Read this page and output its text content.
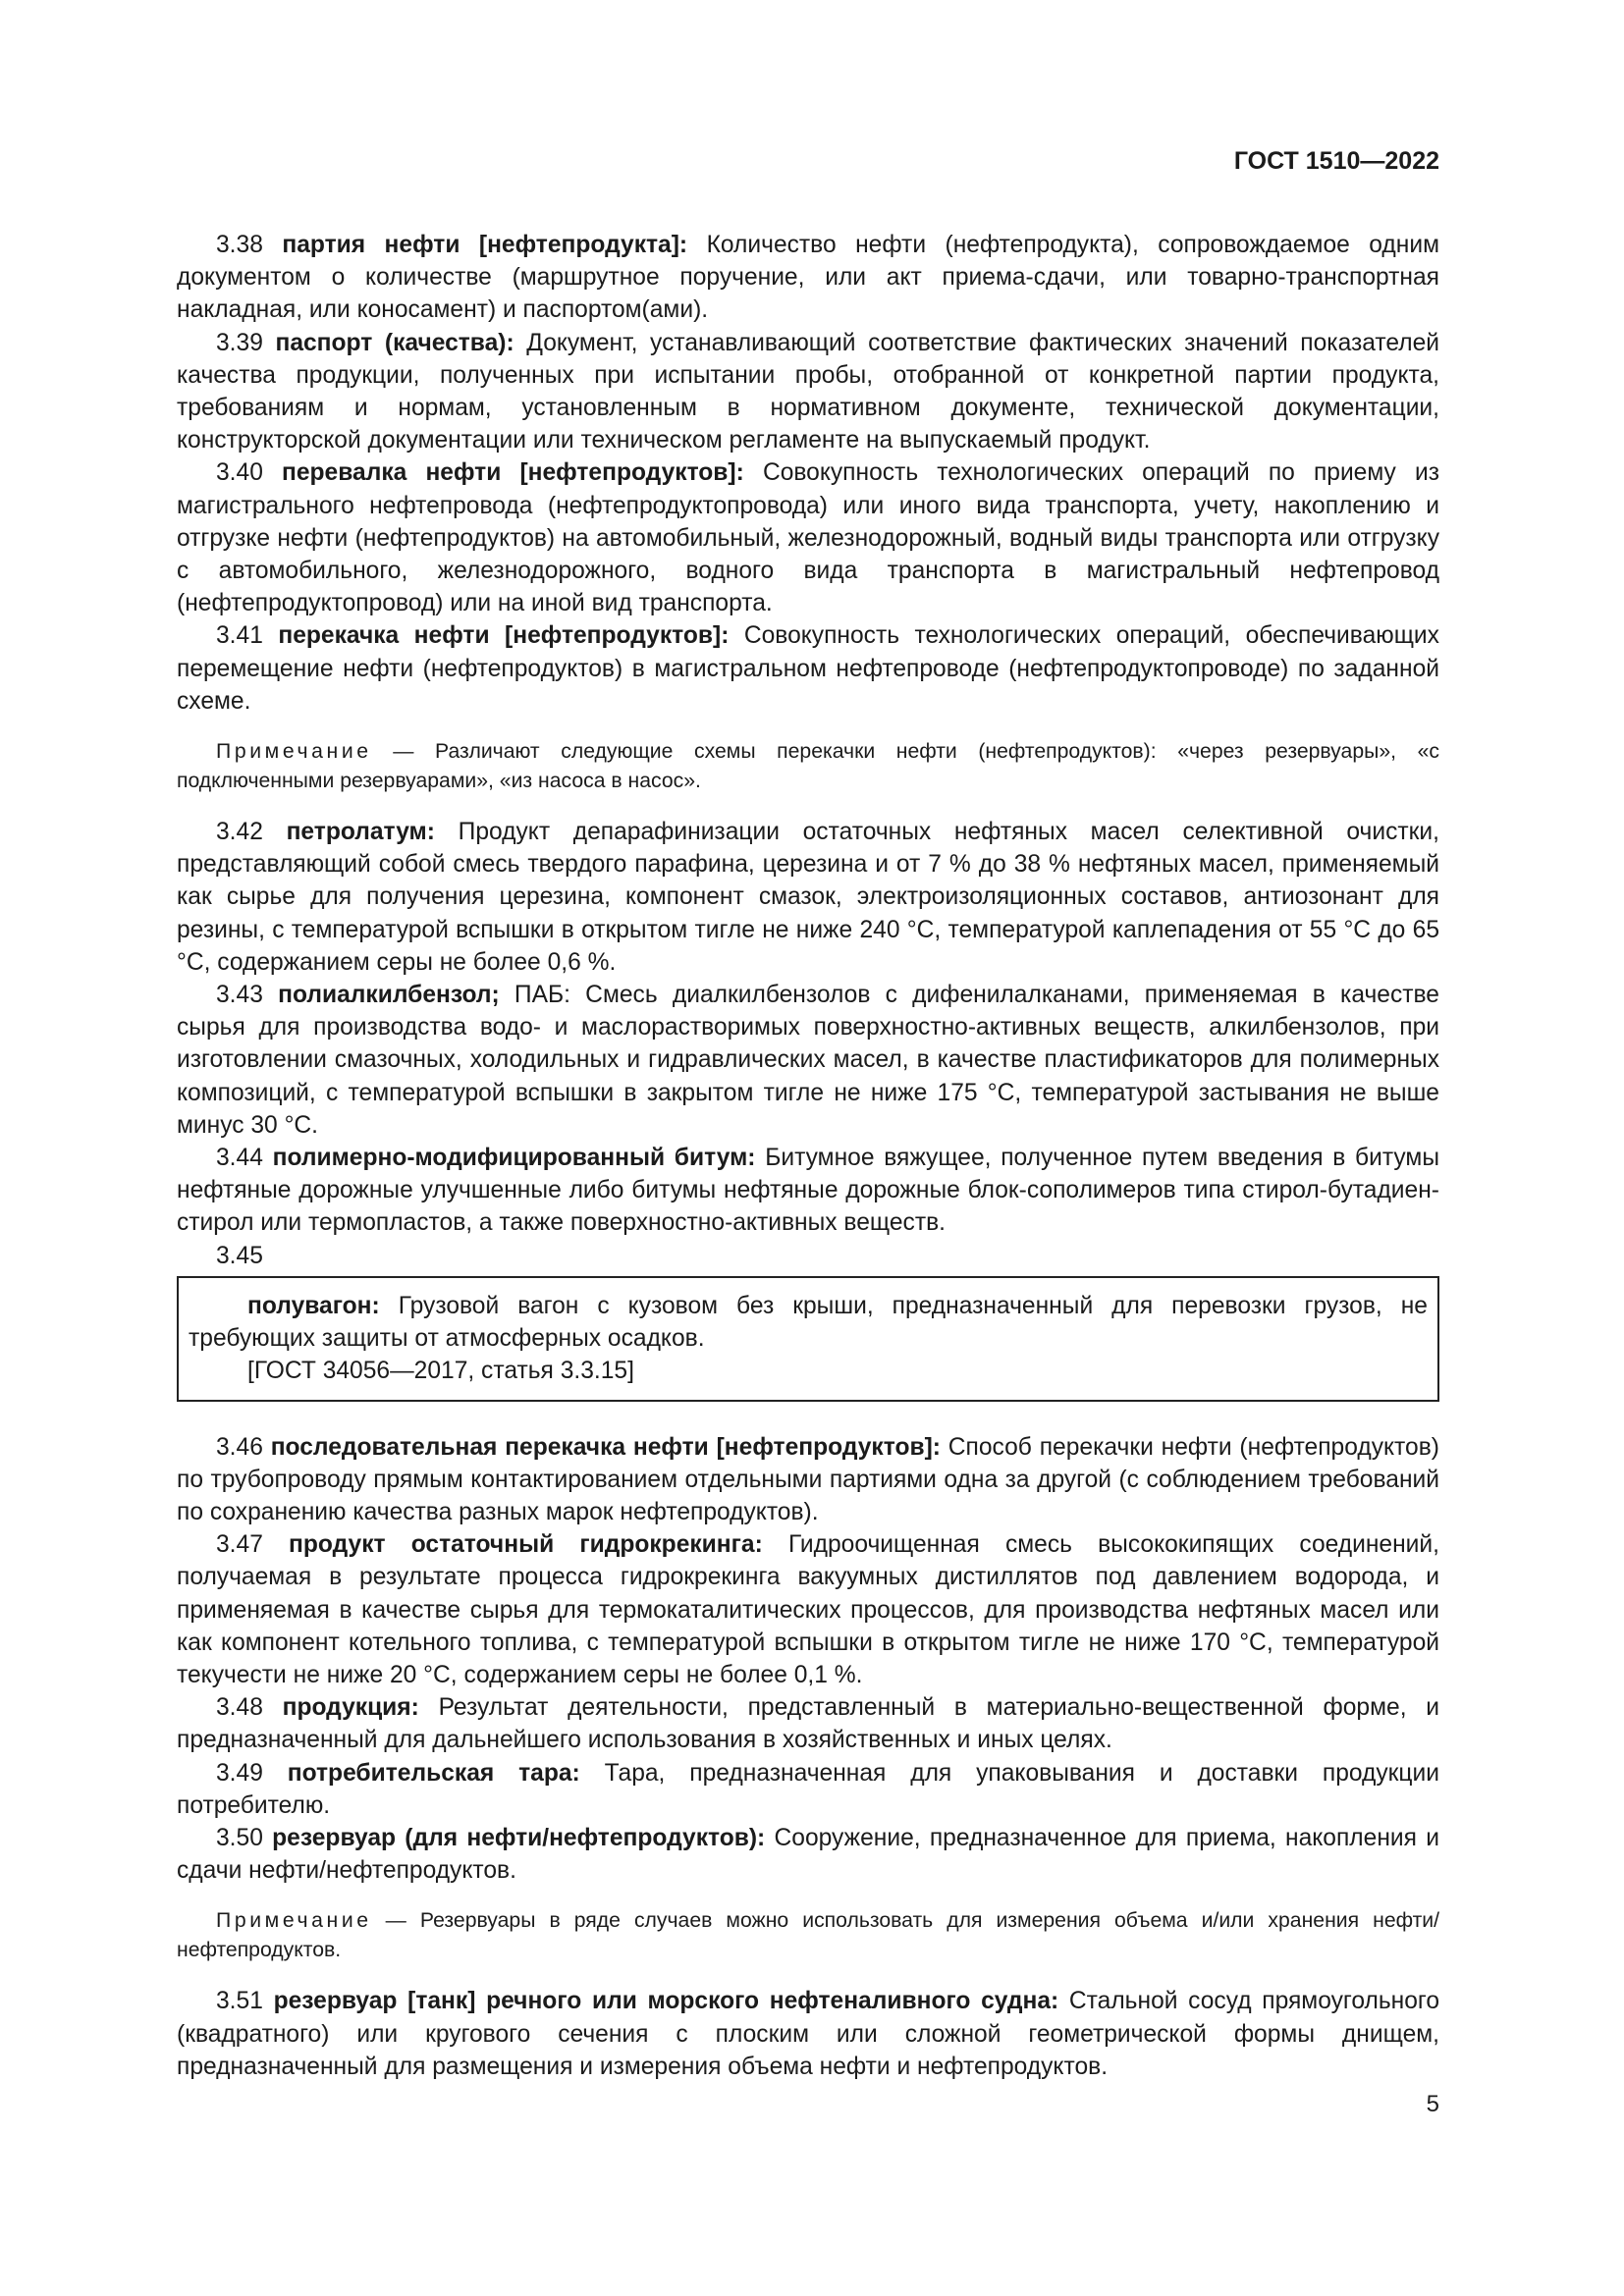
ГОСТ 1510—2022

3.38 партия нефти [нефтепродукта]: Количество нефти (нефтепродукта), сопровождаемое одним документом о количестве (маршрутное поручение, или акт приема-сдачи, или товарно-транспортная накладная, или коносамент) и паспортом(ами).

3.39 паспорт (качества): Документ, устанавливающий соответствие фактических значений показателей качества продукции, полученных при испытании пробы, отобранной от конкретной партии продукта, требованиям и нормам, установленным в нормативном документе, технической документации, конструкторской документации или техническом регламенте на выпускаемый продукт.

3.40 перевалка нефти [нефтепродуктов]: Совокупность технологических операций по приему из магистрального нефтепровода (нефтепродуктопровода) или иного вида транспорта, учету, накоплению и отгрузке нефти (нефтепродуктов) на автомобильный, железнодорожный, водный виды транспорта или отгрузку с автомобильного, железнодорожного, водного вида транспорта в магистральный нефтепровод (нефтепродуктопровод) или на иной вид транспорта.

3.41 перекачка нефти [нефтепродуктов]: Совокупность технологических операций, обеспечивающих перемещение нефти (нефтепродуктов) в магистральном нефтепроводе (нефтепродуктопроводе) по заданной схеме.

Примечание — Различают следующие схемы перекачки нефти (нефтепродуктов): «через резервуары», «с подключенными резервуарами», «из насоса в насос».

3.42 петролатум: Продукт депарафинизации остаточных нефтяных масел селективной очистки, представляющий собой смесь твердого парафина, церезина и от 7 % до 38 % нефтяных масел, применяемый как сырье для получения церезина, компонент смазок, электроизоляционных составов, антиозонант для резины, с температурой вспышки в открытом тигле не ниже 240 °С, температурой каплепадения от 55 °С до 65 °С, содержанием серы не более 0,6 %.

3.43 полиалкилбензол; ПАБ: Смесь диалкилбензолов с дифенилалканами, применяемая в качестве сырья для производства водо- и маслорастворимых поверхностно-активных веществ, алкилбензолов, при изготовлении смазочных, холодильных и гидравлических масел, в качестве пластификаторов для полимерных композиций, с температурой вспышки в закрытом тигле не ниже 175 °С, температурой застывания не выше минус 30 °С.

3.44 полимерно-модифицированный битум: Битумное вяжущее, полученное путем введения в битумы нефтяные дорожные улучшенные либо битумы нефтяные дорожные блок-сополимеров типа стирол-бутадиен-стирол или термопластов, а также поверхностно-активных веществ.

3.45

полувагон: Грузовой вагон с кузовом без крыши, предназначенный для перевозки грузов, не требующих защиты от атмосферных осадков.

[ГОСТ 34056—2017, статья 3.3.15]

3.46 последовательная перекачка нефти [нефтепродуктов]: Способ перекачки нефти (нефтепродуктов) по трубопроводу прямым контактированием отдельными партиями одна за другой (с соблюдением требований по сохранению качества разных марок нефтепродуктов).

3.47 продукт остаточный гидрокрекинга: Гидроочищенная смесь высококипящих соединений, получаемая в результате процесса гидрокрекинга вакуумных дистиллятов под давлением водорода, и применяемая в качестве сырья для термокаталитических процессов, для производства нефтяных масел или как компонент котельного топлива, с температурой вспышки в открытом тигле не ниже 170 °С, температурой текучести не ниже 20 °С, содержанием серы не более 0,1 %.

3.48 продукция: Результат деятельности, представленный в материально-вещественной форме, и предназначенный для дальнейшего использования в хозяйственных и иных целях.

3.49 потребительская тара: Тара, предназначенная для упаковывания и доставки продукции потребителю.

3.50 резервуар (для нефти/нефтепродуктов): Сооружение, предназначенное для приема, накопления и сдачи нефти/нефтепродуктов.

Примечание — Резервуары в ряде случаев можно использовать для измерения объема и/или хранения нефти/нефтепродуктов.

3.51 резервуар [танк] речного или морского нефтеналивного судна: Стальной сосуд прямоугольного (квадратного) или кругового сечения с плоским или сложной геометрической формы днищем, предназначенный для размещения и измерения объема нефти и нефтепродуктов.

5
